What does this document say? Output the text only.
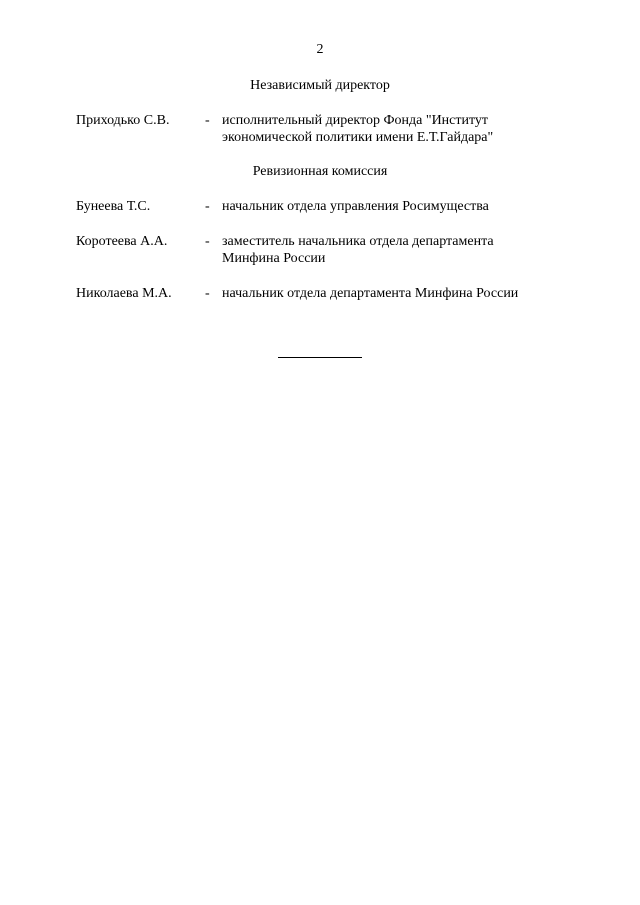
2
Независимый директор
Приходько С.В.	- исполнительный директор Фонда "Институт
экономической политики имени Е.Т.Гайдара"
Ревизионная комиссия
Бунеева Т.С.	- начальник отдела управления Росимущества
Коротеева А.А.	- заместитель начальника отдела департамента
Минфина России
Николаева М.А. - начальник отдела департамента Минфина России
